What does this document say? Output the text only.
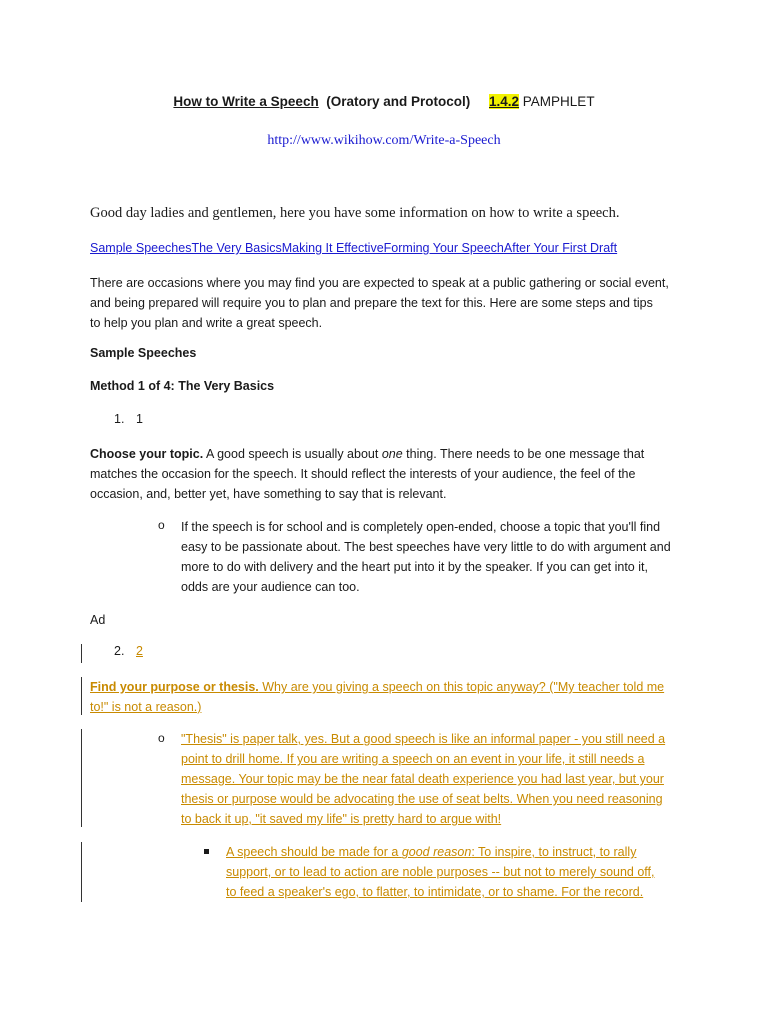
How to Write a Speech (Oratory and Protocol) 1.4.2 PAMPHLET
http://www.wikihow.com/Write-a-Speech
Good day ladies and gentlemen, here you have some information on how to write a speech.
Sample SpeechesThe Very BasicsMaking It EffectiveForming Your SpeechAfter Your First Draft
There are occasions where you may find you are expected to speak at a public gathering or social event,
and being prepared will require you to plan and prepare the text for this. Here are some steps and tips
to help you plan and write a great speech.
Sample Speeches
Method 1 of 4: The Very Basics
1. 1
Choose your topic. A good speech is usually about one thing. There needs to be one message that
matches the occasion for the speech. It should reflect the interests of your audience, the feel of the
occasion, and, better yet, have something to say that is relevant.
o If the speech is for school and is completely open-ended, choose a topic that you'll find
easy to be passionate about. The best speeches have very little to do with argument and
more to do with delivery and the heart put into it by the speaker. If you can get into it,
odds are your audience can too.
Ad
2. 2
Find your purpose or thesis. Why are you giving a speech on this topic anyway? ("My teacher told me
to!" is not a reason.)
o "Thesis" is paper talk, yes. But a good speech is like an informal paper - you still need a
point to drill home. If you are writing a speech on an event in your life, it still needs a
message. Your topic may be the near fatal death experience you had last year, but your
thesis or purpose would be advocating the use of seat belts. When you need reasoning
to back it up, "it saved my life" is pretty hard to argue with!
A speech should be made for a good reason: To inspire, to instruct, to rally
support, or to lead to action are noble purposes -- but not to merely sound off,
to feed a speaker's ego, to flatter, to intimidate, or to shame. For the record.
